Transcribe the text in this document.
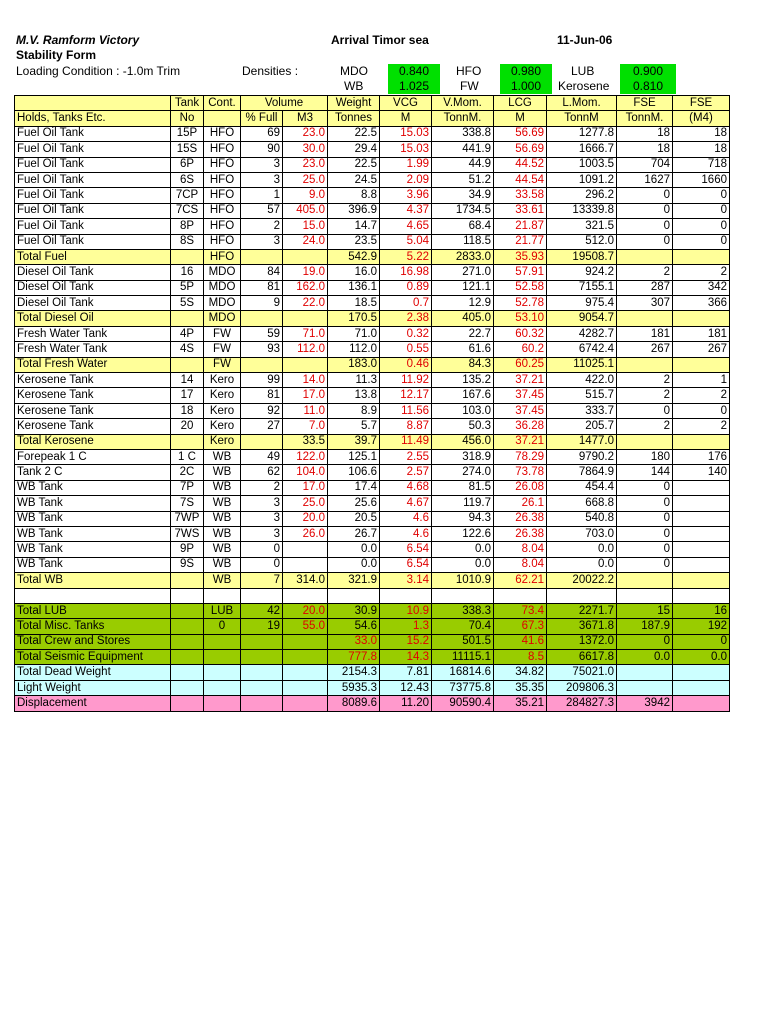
M.V. Ramform Victory
Stability Form
Arrival Timor sea	11-Jun-06
Loading Condition : -1.0m Trim	Densities :	MDO	0.840	HFO	0.980	LUB	0.900
WB	1.025	FW	1.000	Kerosene	0.810
	Tank	Cont.	Volume		Weight	VCG	V.Mom.	LCG	L.Mom.	FSE	FSE
Holds, Tanks Etc.	No		% Full	M3	Tonnes	M	TonnM.	M	TonnM	TonnM.	(M4)
Fuel Oil Tank	15P	HFO	69	23.0	22.5	15.03	338.8	56.69	1277.8	18	18
Fuel Oil Tank	15S	HFO	90	30.0	29.4	15.03	441.9	56.69	1666.7	18	18
Fuel Oil Tank	6P	HFO	3	23.0	22.5	1.99	44.9	44.52	1003.5	704	718
Fuel Oil Tank	6S	HFO	3	25.0	24.5	2.09	51.2	44.54	1091.2	1627	1660
Fuel Oil Tank	7CP	HFO	1	9.0	8.8	3.96	34.9	33.58	296.2	0	0
Fuel Oil Tank	7CS	HFO	57	405.0	396.9	4.37	1734.5	33.61	13339.8	0	0
Fuel Oil Tank	8P	HFO	2	15.0	14.7	4.65	68.4	21.87	321.5	0	0
Fuel Oil Tank	8S	HFO	3	24.0	23.5	5.04	118.5	21.77	512.0	0	0
Total Fuel		HFO			542.9	5.22	2833.0	35.93	19508.7		
Diesel Oil Tank	16	MDO	84	19.0	16.0	16.98	271.0	57.91	924.2	2	2
Diesel Oil Tank	5P	MDO	81	162.0	136.1	0.89	121.1	52.58	7155.1	287	342
Diesel Oil Tank	5S	MDO	9	22.0	18.5	0.7	12.9	52.78	975.4	307	366
Total Diesel Oil		MDO			170.5	2.38	405.0	53.10	9054.7		
Fresh Water Tank	4P	FW	59	71.0	71.0	0.32	22.7	60.32	4282.7	181	181
Fresh Water Tank	4S	FW	93	112.0	112.0	0.55	61.6	60.2	6742.4	267	267
Total Fresh Water		FW			183.0	0.46	84.3	60.25	11025.1		
Kerosene Tank	14	Kero	99	14.0	11.3	11.92	135.2	37.21	422.0	2	1
Kerosene Tank	17	Kero	81	17.0	13.8	12.17	167.6	37.45	515.7	2	2
Kerosene Tank	18	Kero	92	11.0	8.9	11.56	103.0	37.45	333.7	0	0
Kerosene Tank	20	Kero	27	7.0	5.7	8.87	50.3	36.28	205.7	2	2
Total Kerosene		Kero		33.5	39.7	11.49	456.0	37.21	1477.0		
Forepeak 1 C	1 C	WB	49	122.0	125.1	2.55	318.9	78.29	9790.2	180	176
Tank 2 C	2C	WB	62	104.0	106.6	2.57	274.0	73.78	7864.9	144	140
WB Tank	7P	WB	2	17.0	17.4	4.68	81.5	26.08	454.4	0	
WB Tank	7S	WB	3	25.0	25.6	4.67	119.7	26.1	668.8	0	
WB Tank	7WP	WB	3	20.0	20.5	4.6	94.3	26.38	540.8	0	
WB Tank	7WS	WB	3	26.0	26.7	4.6	122.6	26.38	703.0	0	
WB Tank	9P	WB	0		0.0	6.54	0.0	8.04	0.0	0	
WB Tank	9S	WB	0		0.0	6.54	0.0	8.04	0.0	0	
Total WB		WB	7	314.0	321.9	3.14	1010.9	62.21	20022.2		

Total LUB		LUB	42	20.0	30.9	10.9	338.3	73.4	2271.7	15	16
Total Misc. Tanks		0	19	55.0	54.6	1.3	70.4	67.3	3671.8	187.9	192
Total Crew and Stores					33.0	15.2	501.5	41.6	1372.0	0	0
Total Seismic Equipment					777.8	14.3	11115.1	8.5	6617.8	0.0	0.0
Total Dead Weight					2154.3	7.81	16814.6	34.82	75021.0		
Light Weight					5935.3	12.43	73775.8	35.35	209806.3		
Displacement					8089.6	11.20	90590.4	35.21	284827.3	3942	
